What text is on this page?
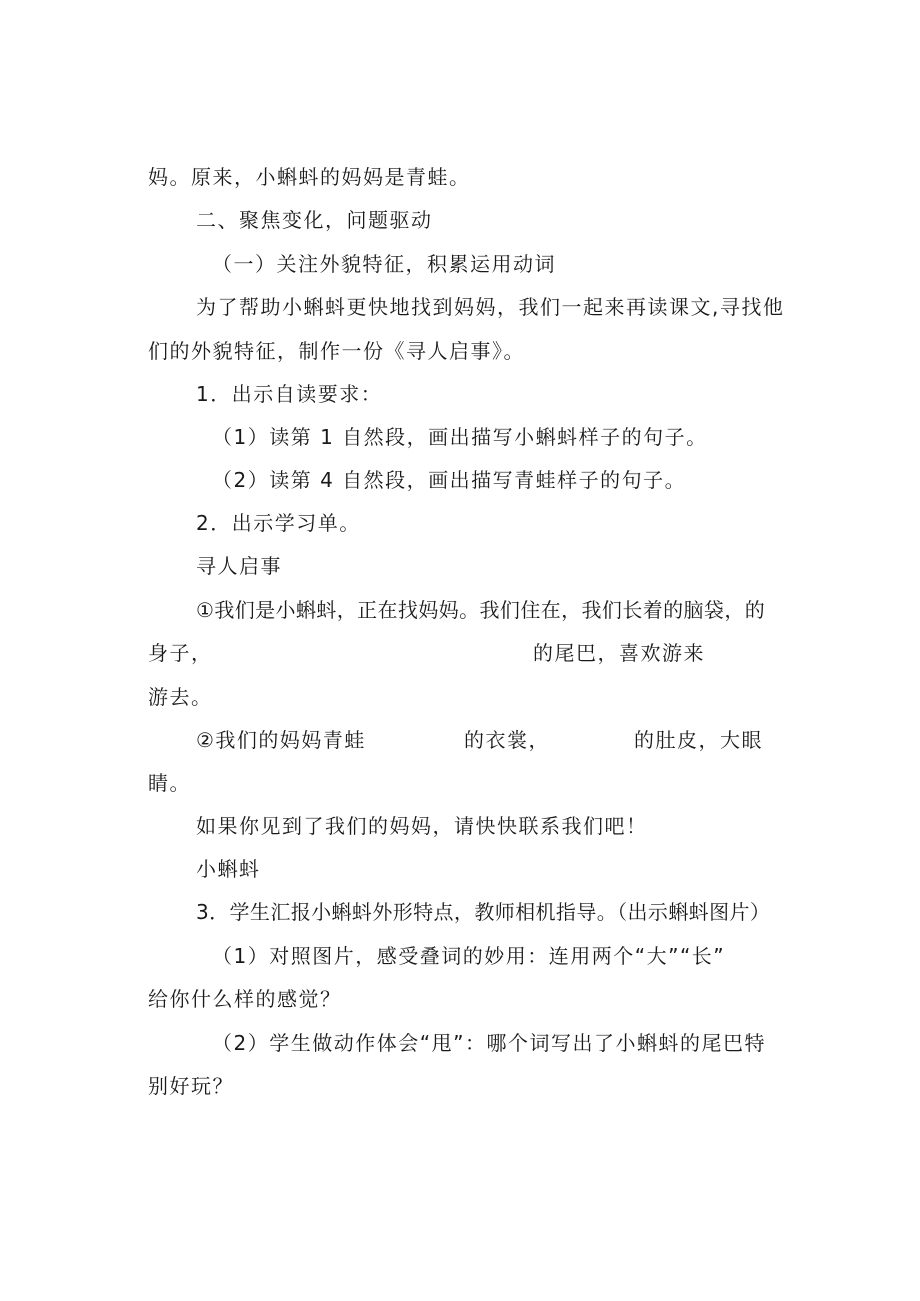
妈。原来，小蝌蚪的妈妈是青蛙。
二、聚焦变化，问题驱动
（一）关注外貌特征，积累运用动词
为了帮助小蝌蚪更快地找到妈妈，我们一起来再读课文,寻找他
们的外貌特征，制作一份《寻人启事》。
1．出示自读要求：
（1）读第 1 自然段，画出描写小蝌蚪样子的句子。
（2）读第 4 自然段，画出描写青蛙样子的句子。
2．出示学习单。
寻人启事
①我们是小蝌蚪，正在找妈妈。我们住在，我们长着的脑袋，的
身子，	的尾巴，喜欢游来
游去。
②我们的妈妈青蛙	的衣裳，	的肚皮，大眼
睛。
如果你见到了我们的妈妈，请快快联系我们吧！
小蝌蚪
3．学生汇报小蝌蚪外形特点，教师相机指导。（出示蝌蚪图片）
（1）对照图片，感受叠词的妙用：连用两个“大”“长”
给你什么样的感觉？
（2）学生做动作体会“甩”：哪个词写出了小蝌蚪的尾巴特
别好玩？
